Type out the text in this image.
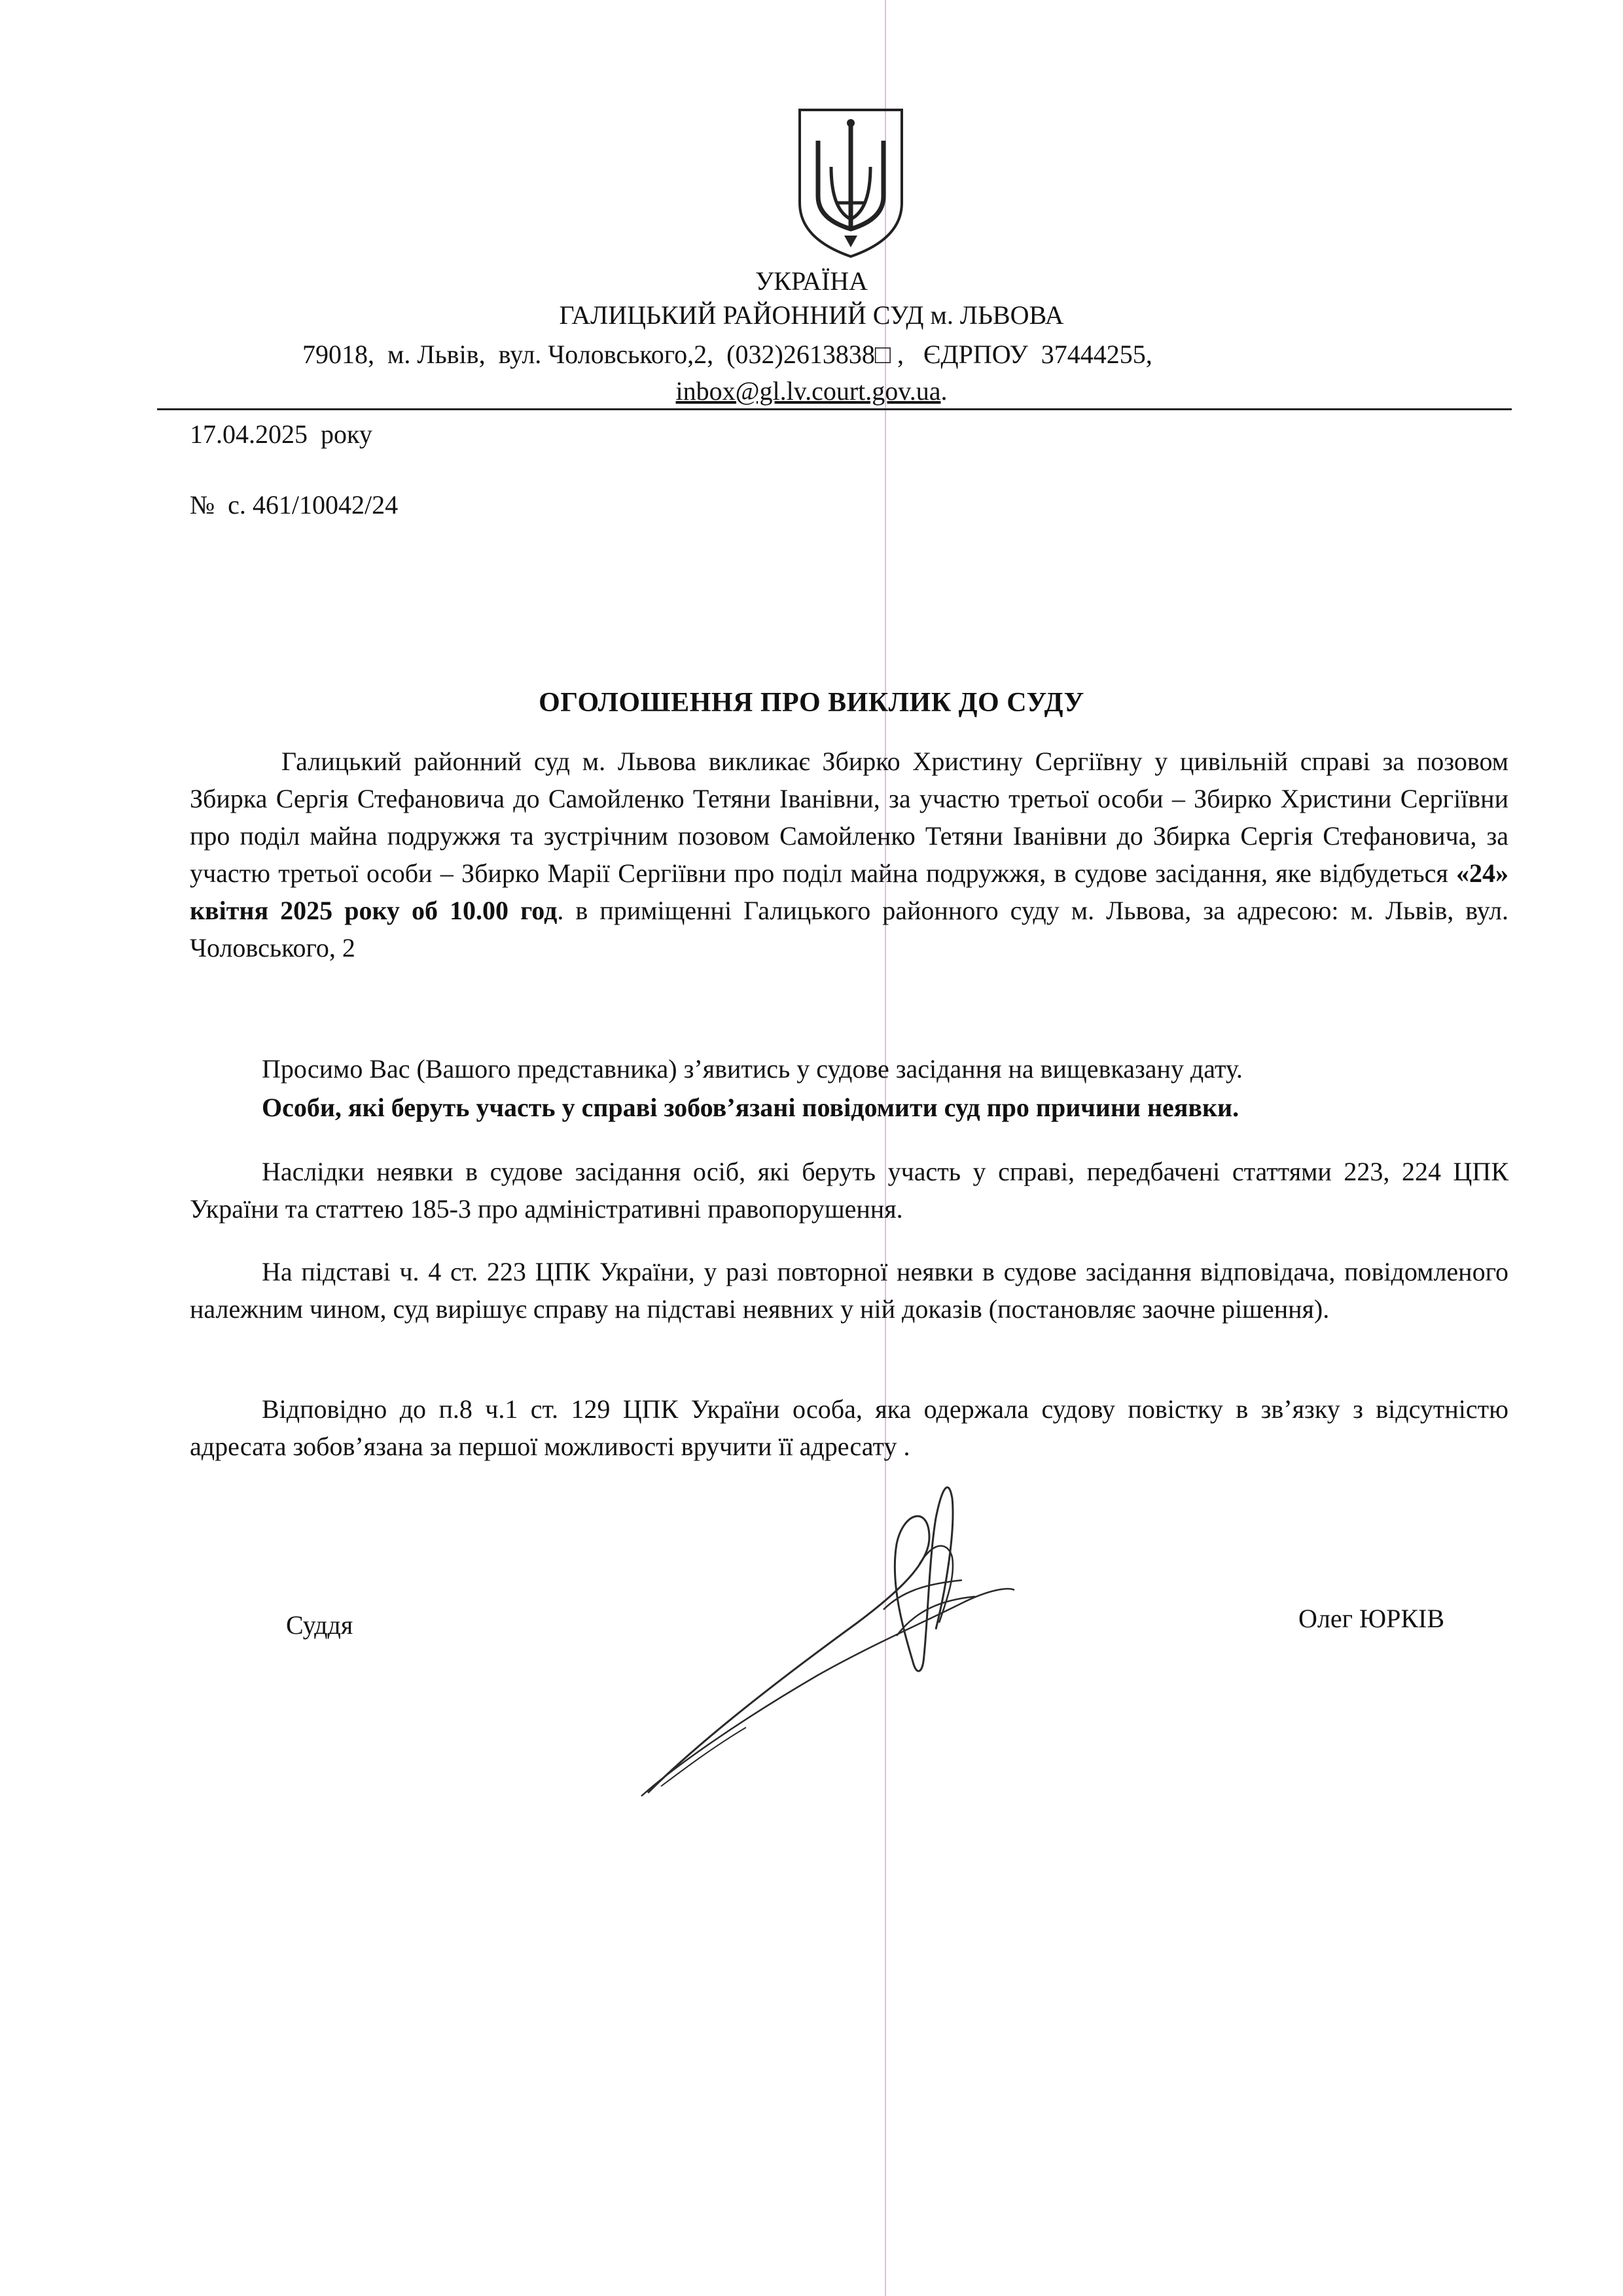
УКРАЇНА
ГАЛИЦЬКИЙ РАЙОННИЙ СУД м. ЛЬВОВА
79018,  м. Львів,  вул. Чоловського,2,  (032)2613838□ ,   ЄДРПОУ  37444255,
inbox@gl.lv.court.gov.ua.
17.04.2025  року
№  с. 461/10042/24
ОГОЛОШЕННЯ ПРО ВИКЛИК ДО СУДУ
Галицький районний суд м. Львова викликає Збирко Христину Сергіївну у цивільній справі за позовом Збирка Сергія Стефановича до Самойленко Тетяни Іванівни, за участю третьої особи – Збирко Христини Сергіївни про поділ майна подружжя та зустрічним позовом Самойленко Тетяни Іванівни до Збирка Сергія Стефановича, за участю третьої особи – Збирко Марії Сергіївни про поділ майна подружжя, в судове засідання, яке відбудеться «24» квітня 2025 року об 10.00 год. в приміщенні Галицького районного суду м. Львова, за адресою: м. Львів, вул. Чоловського, 2
Просимо Вас (Вашого представника) з’явитись у судове засідання на вищевказану дату.
Особи, які беруть участь у справі зобов’язані повідомити суд про причини неявки.
Наслідки неявки в судове засідання осіб, які беруть участь у справі, передбачені статтями 223, 224 ЦПК України та статтею 185-3 про адміністративні правопорушення.
На підставі ч. 4 ст. 223 ЦПК України, у разі повторної неявки в судове засідання відповідача, повідомленого належним чином, суд вирішує справу на підставі неявних у ній доказів (постановляє заочне рішення).
Відповідно до п.8 ч.1 ст. 129 ЦПК України особа, яка одержала судову повістку в зв’язку з відсутністю адресата зобов’язана за першої можливості вручити її адресату .
Суддя	Олег ЮРКІВ
